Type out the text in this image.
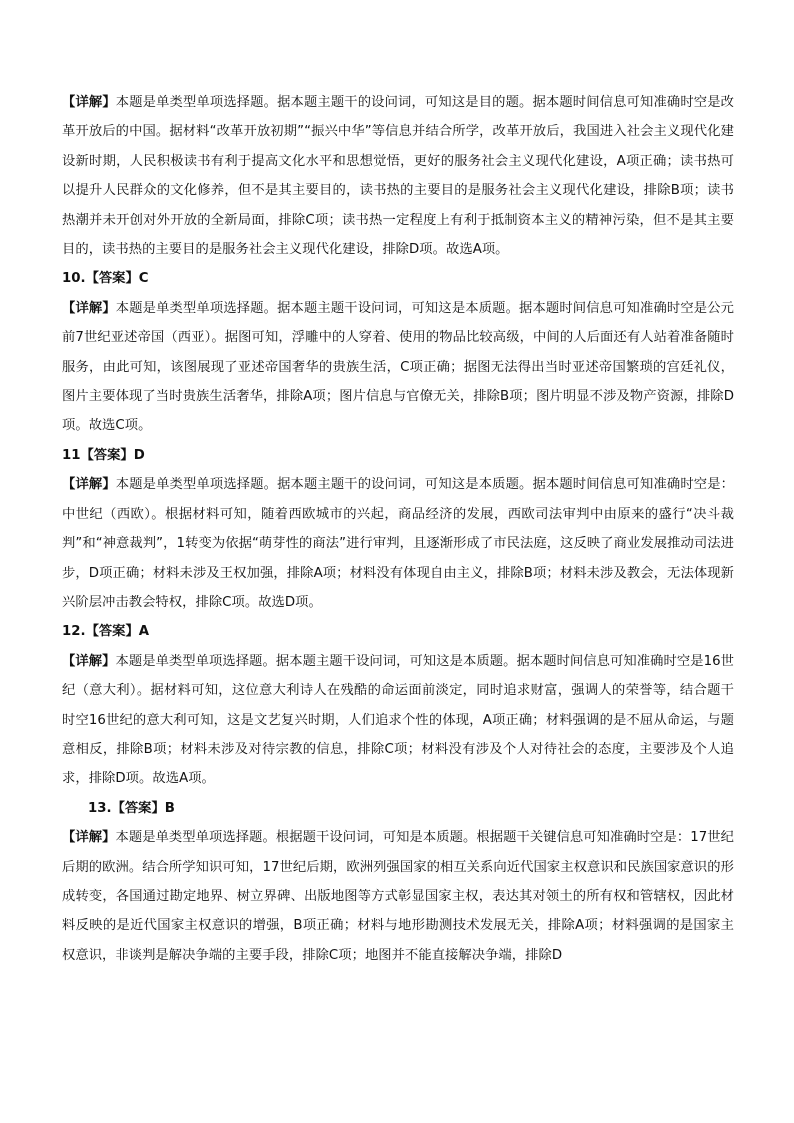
【详解】本题是单类型单项选择题。据本题主题干的设问词，可知这是目的题。据本题时间信息可知准确时空是改革开放后的中国。据材料“改革开放初期”“振兴中华”等信息并结合所学，改革开放后，我国进入社会主义现代化建设新时期，人民积极读书有利于提高文化水平和思想觉悟，更好的服务社会主义现代化建设，A项正确；读书热可以提升人民群众的文化修养，但不是其主要目的，读书热的主要目的是服务社会主义现代化建设，排除B项；读书热潮并未开创对外开放的全新局面，排除C项；读书热一定程度上有利于抵制资本主义的精神污染，但不是其主要目的，读书热的主要目的是服务社会主义现代化建设，排除D项。故选A项。

10.【答案】C

【详解】本题是单类型单项选择题。据本题主题干设问词，可知这是本质题。据本题时间信息可知准确时空是公元前7世纪亚述帝国（西亚）。据图可知，浮雕中的人穿着、使用的物品比较高级，中间的人后面还有人站着准备随时服务，由此可知，该图展现了亚述帝国奢华的贵族生活，C项正确；据图无法得出当时亚述帝国繁琐的宫廷礼仪，图片主要体现了当时贵族生活奢华，排除A项；图片信息与官僚无关，排除B项；图片明显不涉及物产资源，排除D项。故选C项。

11【答案】D

【详解】本题是单类型单项选择题。据本题主题干的设问词，可知这是本质题。据本题时间信息可知准确时空是：中世纪（西欧）。根据材料可知，随着西欧城市的兴起，商品经济的发展，西欧司法审判中由原来的盛行“决斗裁判”和“神意裁判”，1转变为依据“萌芽性的商法”进行审判，且逐渐形成了市民法庭，这反映了商业发展推动司法进步，D项正确；材料未涉及王权加强，排除A项；材料没有体现自由主义，排除B项；材料未涉及教会，无法体现新兴阶层冲击教会特权，排除C项。故选D项。

12.【答案】A

【详解】本题是单类型单项选择题。据本题主题干设问词，可知这是本质题。据本题时间信息可知准确时空是16世纪（意大利）。据材料可知，这位意大利诗人在残酷的命运面前淡定，同时追求财富，强调人的荣誉等，结合题干时空16世纪的意大利可知，这是文艺复兴时期，人们追求个性的体现，A项正确；材料强调的是不屈从命运，与题意相反，排除B项；材料未涉及对待宗教的信息，排除C项；材料没有涉及个人对待社会的态度，主要涉及个人追求，排除D项。故选A项。

13.【答案】B

【详解】本题是单类型单项选择题。根据题干设问词，可知是本质题。根据题干关键信息可知准确时空是：17世纪后期的欧洲。结合所学知识可知，17世纪后期，欧洲列强国家的相互关系向近代国家主权意识和民族国家意识的形成转变，各国通过勘定地界、树立界碑、出版地图等方式彰显国家主权，表达其对领土的所有权和管辖权，因此材料反映的是近代国家主权意识的增强，B项正确；材料与地形勘测技术发展无关，排除A项；材料强调的是国家主权意识，非谈判是解决争端的主要手段，排除C项；地图并不能直接解决争端，排除D
